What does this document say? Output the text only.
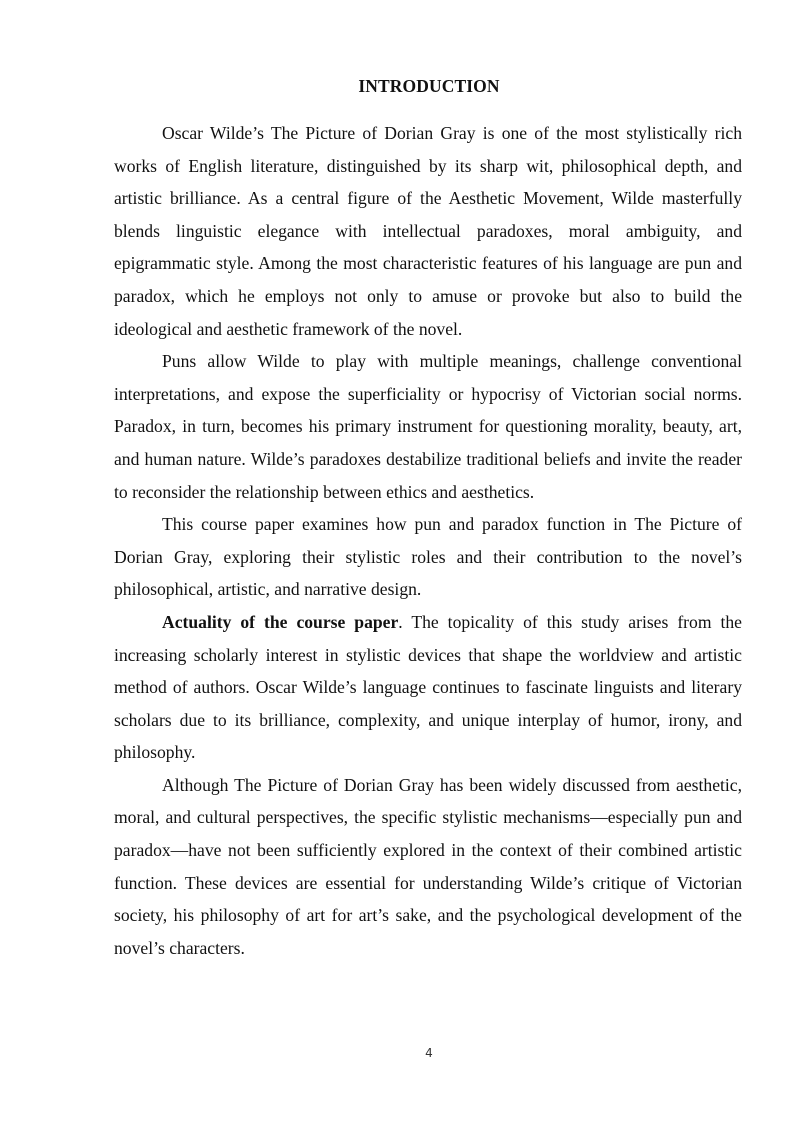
INTRODUCTION

Oscar Wilde’s The Picture of Dorian Gray is one of the most stylistically rich works of English literature, distinguished by its sharp wit, philosophical depth, and artistic brilliance. As a central figure of the Aesthetic Movement, Wilde masterfully blends linguistic elegance with intellectual paradoxes, moral ambiguity, and epigrammatic style. Among the most characteristic features of his language are pun and paradox, which he employs not only to amuse or provoke but also to build the ideological and aesthetic framework of the novel.

Puns allow Wilde to play with multiple meanings, challenge conventional interpretations, and expose the superficiality or hypocrisy of Victorian social norms. Paradox, in turn, becomes his primary instrument for questioning morality, beauty, art, and human nature. Wilde’s paradoxes destabilize traditional beliefs and invite the reader to reconsider the relationship between ethics and aesthetics.

This course paper examines how pun and paradox function in The Picture of Dorian Gray, exploring their stylistic roles and their contribution to the novel’s philosophical, artistic, and narrative design.

Actuality of the course paper. The topicality of this study arises from the increasing scholarly interest in stylistic devices that shape the worldview and artistic method of authors. Oscar Wilde’s language continues to fascinate linguists and literary scholars due to its brilliance, complexity, and unique interplay of humor, irony, and philosophy.

Although The Picture of Dorian Gray has been widely discussed from aesthetic, moral, and cultural perspectives, the specific stylistic mechanisms—especially pun and paradox—have not been sufficiently explored in the context of their combined artistic function. These devices are essential for understanding Wilde’s critique of Victorian society, his philosophy of art for art’s sake, and the psychological development of the novel’s characters.

4
